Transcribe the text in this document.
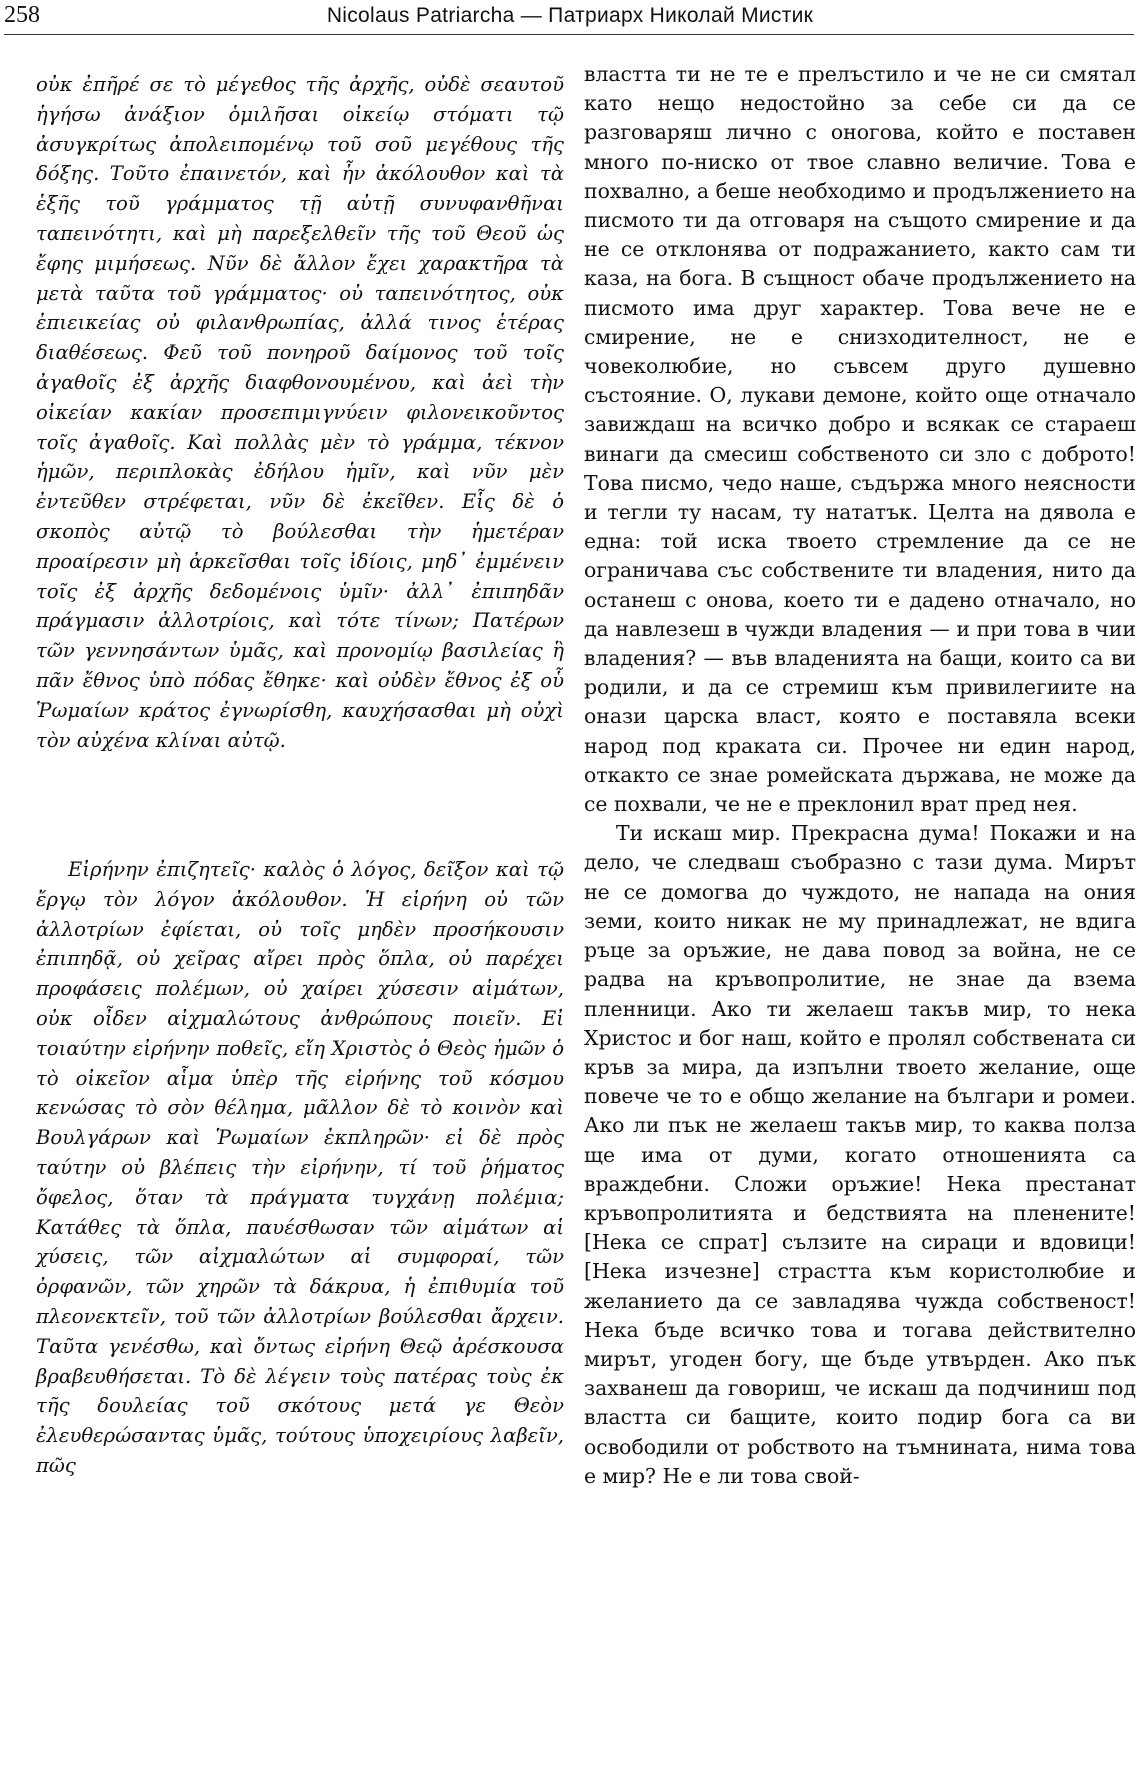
258	Nicolaus Patriarcha — Патриарх Николай Мистик

οὐκ ἐπῆρέ σε τὸ μέγεθος τῆς ἀρχῆς, οὐδὲ σεαυτοῦ ἡγήσω ἀνάξιον ὁμιλῆσαι οἰκείῳ στόματι τῷ ἀσυγκρίτως ἀπολειπομένῳ τοῦ σοῦ μεγέθους τῆς δόξης. Τοῦτο ἐπαινετόν, καὶ ἦν ἀκόλουθον καὶ τὰ ἑξῆς τοῦ γράμματος τῇ αὐτῇ συνυφανθῆναι ταπεινότητι, καὶ μὴ παρεξελθεῖν τῆς τοῦ Θεοῦ ὡς ἔφης μιμήσεως. Νῦν δὲ ἄλλον ἔχει χαρακτῆρα τὰ μετὰ ταῦτα τοῦ γράμματος· οὐ ταπεινότητος, οὐκ ἐπιεικείας οὐ φιλανθρωπίας, ἀλλά τινος ἑτέρας διαθέσεως. Φεῦ τοῦ πονηροῦ δαίμονος τοῦ τοῖς ἀγαθοῖς ἐξ ἀρχῆς διαφθονουμένου, καὶ ἀεὶ τὴν οἰκείαν κακίαν προσεπιμιγνύειν φιλονεικοῦντος τοῖς ἀγαθοῖς. Καὶ πολλὰς μὲν τὸ γράμμα, τέκνον ἡμῶν, περιπλοκὰς ἐδήλου ἡμῖν, καὶ νῦν μὲν ἐντεῦθεν στρέφεται, νῦν δὲ ἐκεῖθεν. Εἷς δὲ ὁ σκοπὸς αὐτῷ τὸ βούλεσθαι τὴν ἡμετέραν προαίρεσιν μὴ ἀρκεῖσθαι τοῖς ἰδίοις, μηδ᾽ ἐμμένειν τοῖς ἐξ ἀρχῆς δεδομένοις ὑμῖν· ἀλλ᾽ ἐπιπηδᾶν πράγμασιν ἀλλοτρίοις, καὶ τότε τίνων; Πατέρων τῶν γεννησάντων ὑμᾶς, καὶ προνομίῳ βασιλείας ἣ πᾶν ἔθνος ὑπὸ πόδας ἔθηκε· καὶ οὐδὲν ἔθνος ἐξ οὗ Ῥωμαίων κράτος ἐγνωρίσθη, καυχήσασθαι μὴ οὐχὶ τὸν αὐχένα κλίναι αὐτῷ.

Εἰρήνην ἐπιζητεῖς· καλὸς ὁ λόγος, δεῖξον καὶ τῷ ἔργῳ τὸν λόγον ἀκόλουθον. Ἡ εἰρήνη οὐ τῶν ἀλλοτρίων ἐφίεται, οὐ τοῖς μηδὲν προσήκουσιν ἐπιπηδᾷ, οὐ χεῖρας αἴρει πρὸς ὅπλα, οὐ παρέχει προφάσεις πολέμων, οὐ χαίρει χύσεσιν αἱμάτων, οὐκ οἶδεν αἰχμαλώτους ἀνθρώπους ποιεῖν. Εἰ τοιαύτην εἰρήνην ποθεῖς, εἴη Χριστὸς ὁ Θεὸς ἡμῶν ὁ τὸ οἰκεῖον αἷμα ὑπὲρ τῆς εἰρήνης τοῦ κόσμου κενώσας τὸ σὸν θέλημα, μᾶλλον δὲ τὸ κοινὸν καὶ Βουλγάρων καὶ Ῥωμαίων ἐκπληρῶν· εἰ δὲ πρὸς ταύτην οὐ βλέπεις τὴν εἰρήνην, τί τοῦ ῥήματος ὄφελος, ὅταν τὰ πράγματα τυγχάνῃ πολέμια; Κατάθες τὰ ὅπλα, παυέσθωσαν τῶν αἱμάτων αἱ χύσεις, τῶν αἰχμαλώτων αἱ συμφοραί, τῶν ὀρφανῶν, τῶν χηρῶν τὰ δάκρυα, ἡ ἐπιθυμία τοῦ πλεονεκτεῖν, τοῦ τῶν ἀλλοτρίων βούλεσθαι ἄρχειν. Ταῦτα γενέσθω, καὶ ὄντως εἰρήνη Θεῷ ἀρέσκουσα βραβευθήσεται. Τὸ δὲ λέγειν τοὺς πατέρας τοὺς ἐκ τῆς δουλείας τοῦ σκότους μετά γε Θεὸν ἐλευθερώσαντας ὑμᾶς, τούτους ὑποχειρίους λαβεῖν, πῶς

властта ти не те е прелъстило и че не си смятал като нещо недостойно за себе си да се разговаряш лично с оногова, който е поставен много по-ниско от твое славно величие. Това е похвално, а беше необходимо и продължението на писмото ти да отговаря на същото смирение и да не се отклонява от подражанието, както сам ти каза, на бога. В същност обаче продължението на писмото има друг характер. Това вече не е смирение, не е снизходителност, не е човеколюбие, но съвсем друго душевно състояние. О, лукави демоне, който още отначало завиждаш на всичко добро и всякак се стараеш винаги да смесиш собственото си зло с доброто! Това писмо, чедо наше, съдържа много неясности и тегли ту насам, ту нататък. Целта на дявола е една: той иска твоето стремление да се не ограничава със собствените ти владения, нито да останеш с онова, което ти е дадено отначало, но да навлезеш в чужди владения — и при това в чии владения? — във владенията на бащи, които са ви родили, и да се стремиш към привилегиите на онази царска власт, която е поставяла всеки народ под краката си. Прочее ни един народ, откакто се знае ромейската държава, не може да се похвали, че не е преклонил врат пред нея.

Ти искаш мир. Прекрасна дума! Покажи и на дело, че следваш съобразно с тази дума. Мирът не се домогва до чуждото, не напада на ония земи, които никак не му принадлежат, не вдига ръце за оръжие, не дава повод за война, не се радва на кръвопролитие, не знае да взема пленници. Ако ти желаеш такъв мир, то нека Христос и бог наш, който е пролял собствената си кръв за мира, да изпълни твоето желание, още повече че то е общо желание на българи и ромеи. Ако ли пък не желаеш такъв мир, то каква полза ще има от думи, когато отношенията са враждебни. Сложи оръжие! Нека престанат кръвопролитията и бедствията на пленените! [Нека се спрат] сълзите на сираци и вдовици! [Нека изчезне] страстта към користолюбие и желанието да се завладява чужда собственост! Нека бъде всичко това и тогава действително мирът, угоден богу, ще бъде утвърден. Ако пък захванеш да говориш, че искаш да подчиниш под властта си бащите, които подир бога са ви освободили от робството на тъмнината, нима това е мир? Не е ли това свой-
